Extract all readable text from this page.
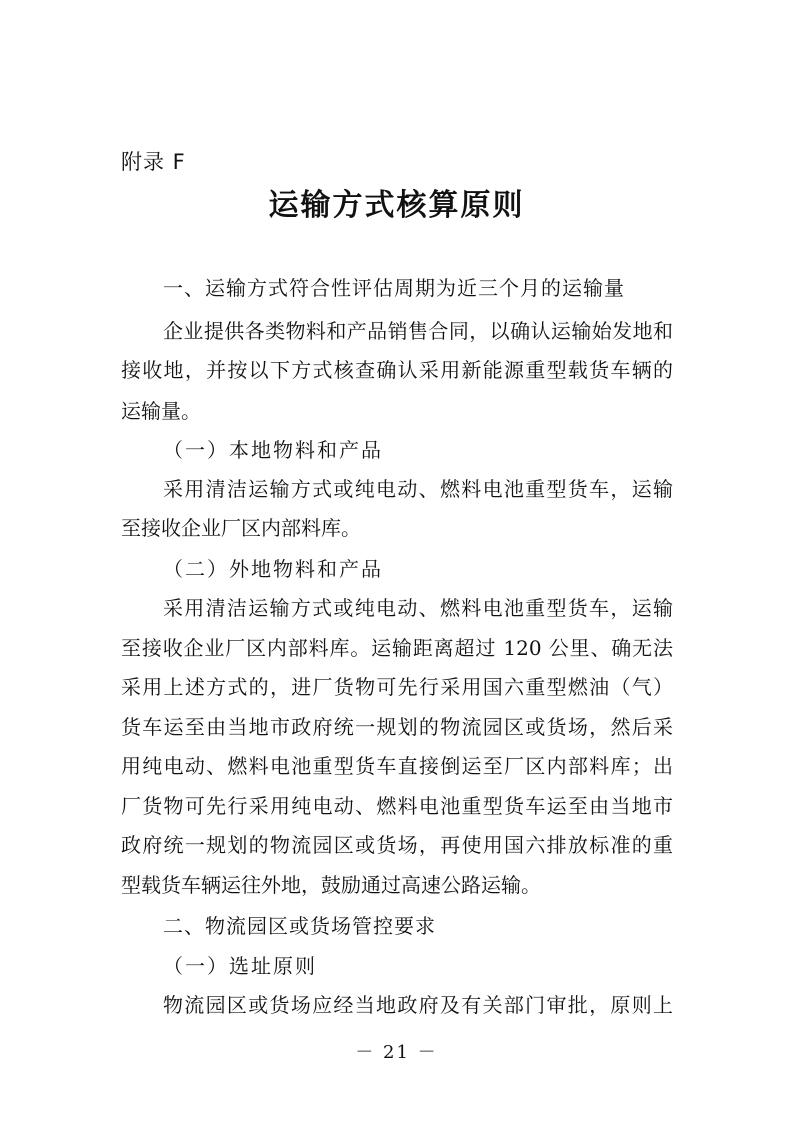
附录 F
运输方式核算原则
一、运输方式符合性评估周期为近三个月的运输量
企业提供各类物料和产品销售合同，以确认运输始发地和
接收地，并按以下方式核查确认采用新能源重型载货车辆的
运输量。
（一）本地物料和产品
采用清洁运输方式或纯电动、燃料电池重型货车，运输
至接收企业厂区内部料库。
（二）外地物料和产品
采用清洁运输方式或纯电动、燃料电池重型货车，运输
至接收企业厂区内部料库。运输距离超过 120 公里、确无法
采用上述方式的，进厂货物可先行采用国六重型燃油（气）
货车运至由当地市政府统一规划的物流园区或货场，然后采
用纯电动、燃料电池重型货车直接倒运至厂区内部料库；出
厂货物可先行采用纯电动、燃料电池重型货车运至由当地市
政府统一规划的物流园区或货场，再使用国六排放标准的重
型载货车辆运往外地，鼓励通过高速公路运输。
二、物流园区或货场管控要求
（一）选址原则
物流园区或货场应经当地政府及有关部门审批，原则上
－ 21 －
